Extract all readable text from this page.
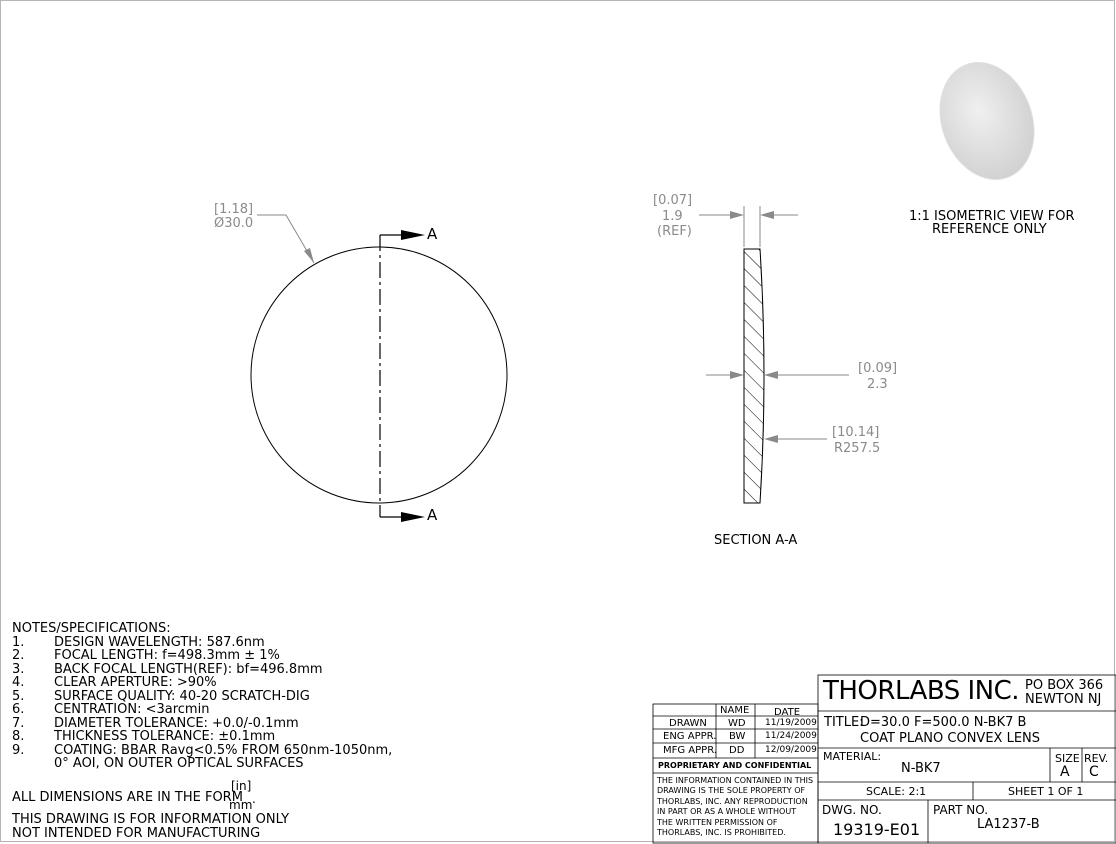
[1.18]
Ø30.0
A
A
[0.07]
1.9
(REF)
[0.09]
2.3
[10.14]
R257.5
SECTION A-A
1:1 ISOMETRIC VIEW FOR
REFERENCE ONLY
NOTES/SPECIFICATIONS:
1. DESIGN WAVELENGTH: 587.6nm
2. FOCAL LENGTH: f=498.3mm ± 1%
3. BACK FOCAL LENGTH(REF): bf=496.8mm
4. CLEAR APERTURE: >90%
5. SURFACE QUALITY: 40-20 SCRATCH-DIG
6. CENTRATION: <3arcmin
7. DIAMETER TOLERANCE: +0.0/-0.1mm
8. THICKNESS TOLERANCE: ±0.1mm
9. COATING: BBAR Ravg<0.5% FROM 650nm-1050nm,
0° AOI, ON OUTER OPTICAL SURFACES
ALL DIMENSIONS ARE IN THE FORM
[in]
mm .
THIS DRAWING IS FOR INFORMATION ONLY
NOT INTENDED FOR MANUFACTURING
NAME DATE
DRAWN WD 11/19/2009
ENG APPR. BW 11/24/2009
MFG APPR. DD 12/09/2009
PROPRIETARY AND CONFIDENTIAL
THE INFORMATION CONTAINED IN THIS
DRAWING IS THE SOLE PROPERTY OF
THORLABS, INC. ANY REPRODUCTION
IN PART OR AS A WHOLE WITHOUT
THE WRITTEN PERMISSION OF
THORLABS, INC. IS PROHIBITED.
THORLABS INC. PO BOX 366
NEWTON NJ
TITLE:
D=30.0 F=500.0 N-BK7 B
COAT PLANO CONVEX LENS
MATERIAL:
N-BK7
SIZE
A
REV.
C
SCALE: 2:1	SHEET 1 OF 1
DWG. NO.
19319-E01
PART NO.
LA1237-B
